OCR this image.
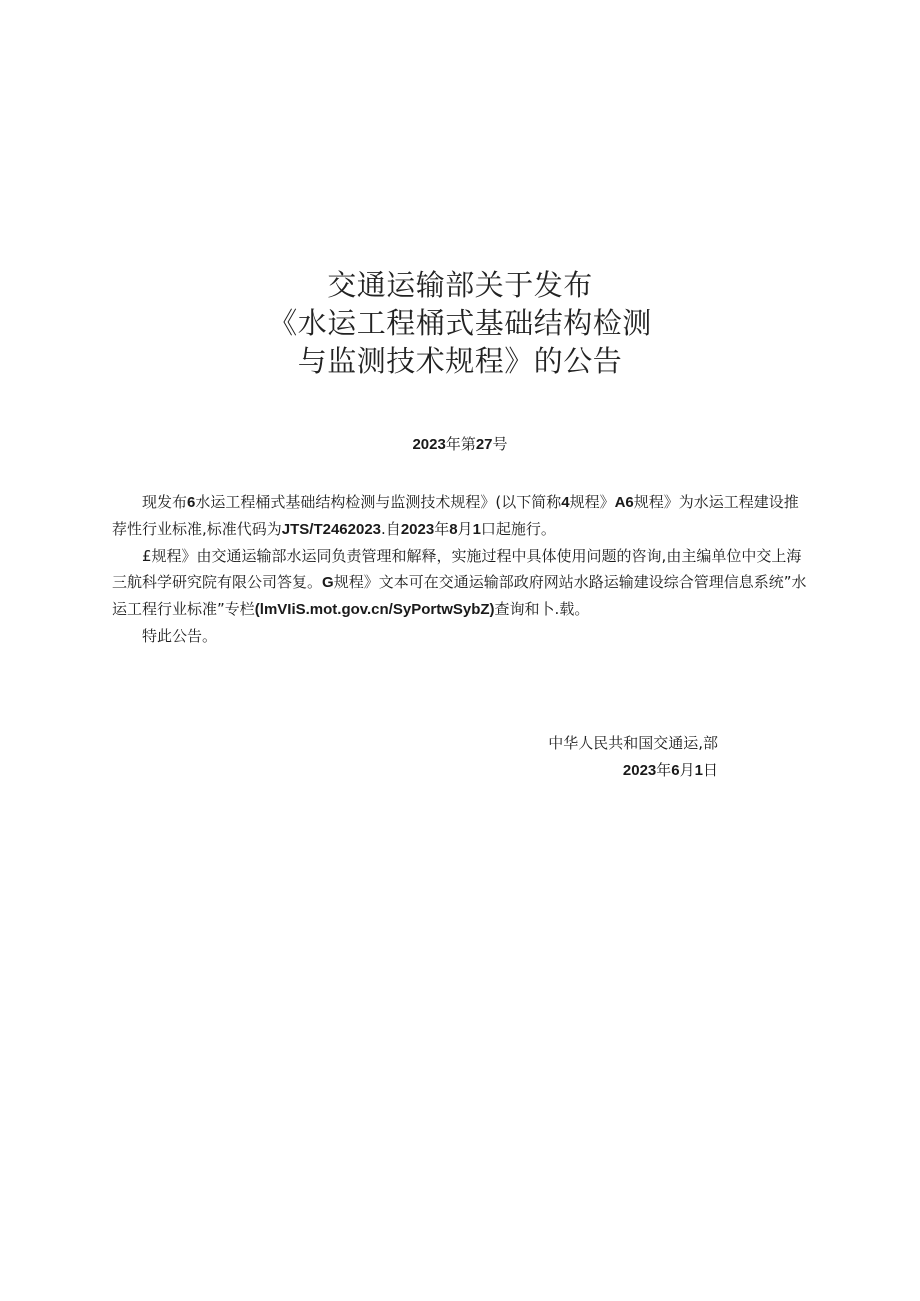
交通运输部关于发布
《水运工程桶式基础结构检测
与监测技术规程》的公告
2023年第27号

现发布6水运工程桶式基础结构检测与监测技术规程》(以下简称4规程》A6规程》为水运工程建设推荐性行业标准,标准代码为JTS/T2462023.自2023年8月1口起施行。

£规程》由交通运输部水运同负责管理和解释，实施过程中具体使用问题的咨询,由主编单位中交上海三航科学研究院有限公司答复。G规程》文本可在交通运输部政府网站水路运输建设综合管理信息系统”水运工程行业标准”专栏(lmVIiS.mot.gov.cn/SyPortwSybZ)查询和卜.载。

特此公告。

中华人民共和国交通运,部
2023年6月1日
